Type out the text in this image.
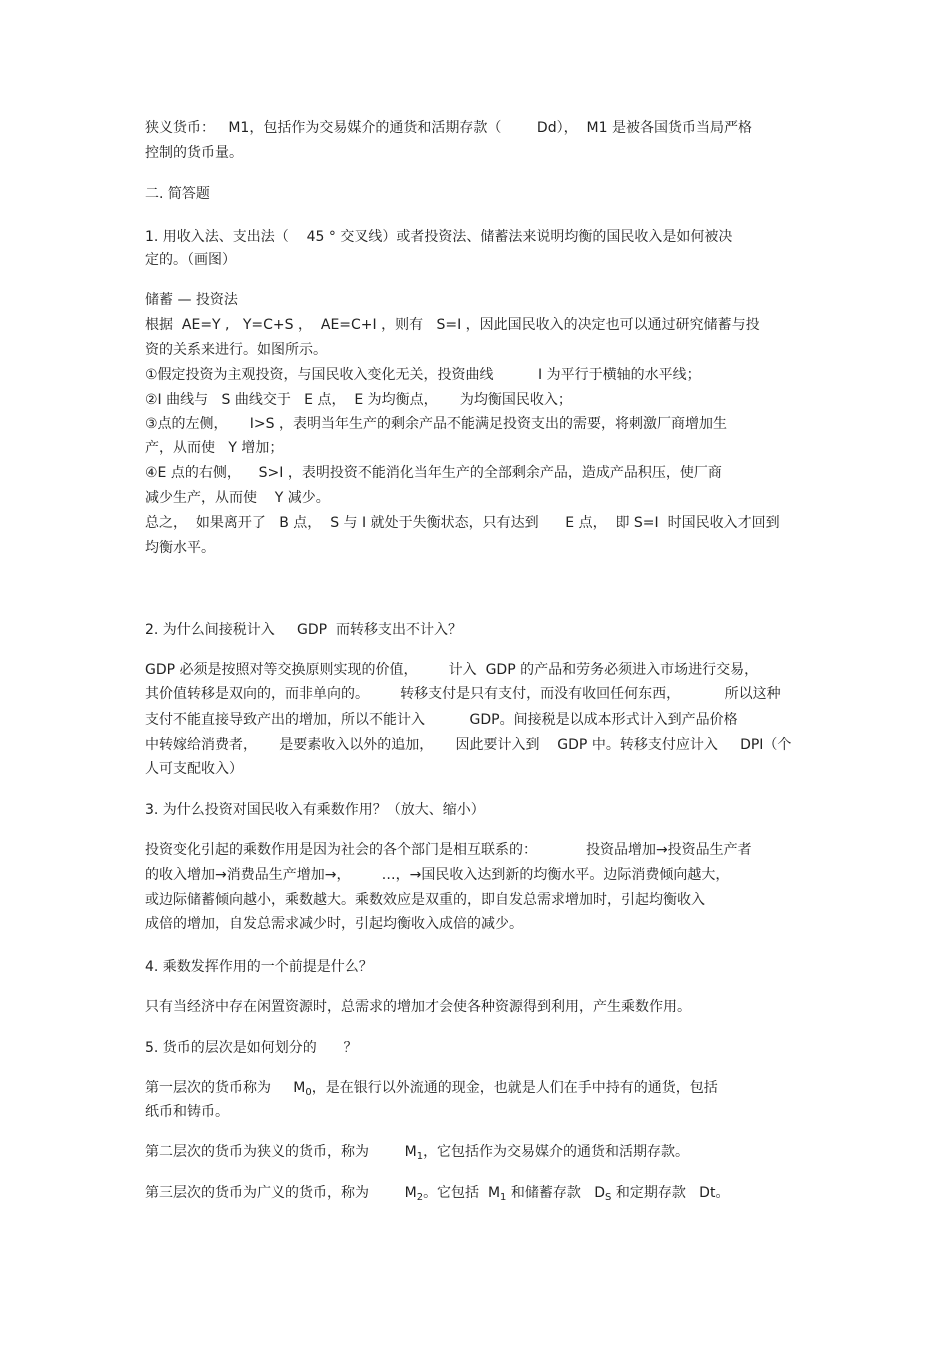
狭义货币：   M1，包括作为交易媒介的通货和活期存款（        Dd），  M1 是被各国货币当局严格
控制的货币量。
二. 简答题
1. 用收入法、支出法（    45 ° 交叉线）或者投资法、储蓄法来说明均衡的国民收入是如何被决
定的。（画图）
储蓄 — 投资法
根据  AE=Y ,   Y=C+S ，  AE=C+I ，则有   S=I ，因此国民收入的决定也可以通过研究储蓄与投
资的关系来进行。如图所示。
①假定投资为主观投资，与国民收入变化无关，投资曲线          I 为平行于横轴的水平线；
②I 曲线与   S 曲线交于   E 点，  E 为均衡点，     为均衡国民收入；
③点的左侧，     I>S ，表明当年生产的剩余产品不能满足投资支出的需要，将刺激厂商增加生
产，从而使   Y 增加；
④E 点的右侧，    S>I ，表明投资不能消化当年生产的全部剩余产品，造成产品积压，使厂商
减少生产，从而使    Y 减少。
总之，  如果离开了   B 点，  S 与 I 就处于失衡状态，只有达到      E 点，  即 S=I  时国民收入才回到
均衡水平。
2. 为什么间接税计入     GDP  而转移支出不计入？
GDP 必须是按照对等交换原则实现的价值，       计入  GDP 的产品和劳务必须进入市场进行交易，
其价值转移是双向的，而非单向的。       转移支付是只有支付，而没有收回任何东西，          所以这种
支付不能直接导致产出的增加，所以不能计入          GDP。间接税是以成本形式计入到产品价格
中转嫁给消费者，     是要素收入以外的追加，     因此要计入到    GDP 中。转移支付应计入     DPI（个
人可支配收入）
3. 为什么投资对国民收入有乘数作用？（放大、缩小）
投资变化引起的乘数作用是因为社会的各个部门是相互联系的：           投资品增加→投资品生产者
的收入增加→消费品生产增加→，       …，→国民收入达到新的均衡水平。边际消费倾向越大，
或边际储蓄倾向越小，乘数越大。乘数效应是双重的，即自发总需求增加时，引起均衡收入
成倍的增加，自发总需求减少时，引起均衡收入成倍的减少。
4. 乘数发挥作用的一个前提是什么？
只有当经济中存在闲置资源时，总需求的增加才会使各种资源得到利用，产生乘数作用。
5. 货币的层次是如何划分的      ？
第一层次的货币称为     $M_0$，是在银行以外流通的现金，也就是人们在手中持有的通货，包括
纸币和铸币。
第二层次的货币为狭义的货币，称为        $M_1$，它包括作为交易媒介的通货和活期存款。
第三层次的货币为广义的货币，称为        $M_2$。它包括  $M_1$ 和储蓄存款   $D_S$ 和定期存款   Dt。
